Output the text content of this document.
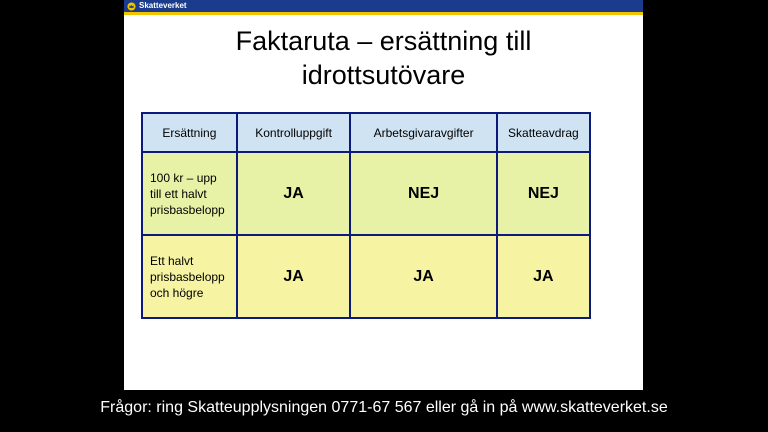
Skatteverket
Faktaruta – ersättning till
idrottsutövare
Ersättning	Kontrolluppgift	Arbetsgivaravgifter	Skatteavdrag
100 kr – upp
till ett halvt
prisbasbelopp	JA	NEJ	NEJ
Ett halvt
prisbasbelopp
och högre	JA	JA	JA
Frågor: ring Skatteupplysningen 0771-67 567 eller gå in på www.skatteverket.se
